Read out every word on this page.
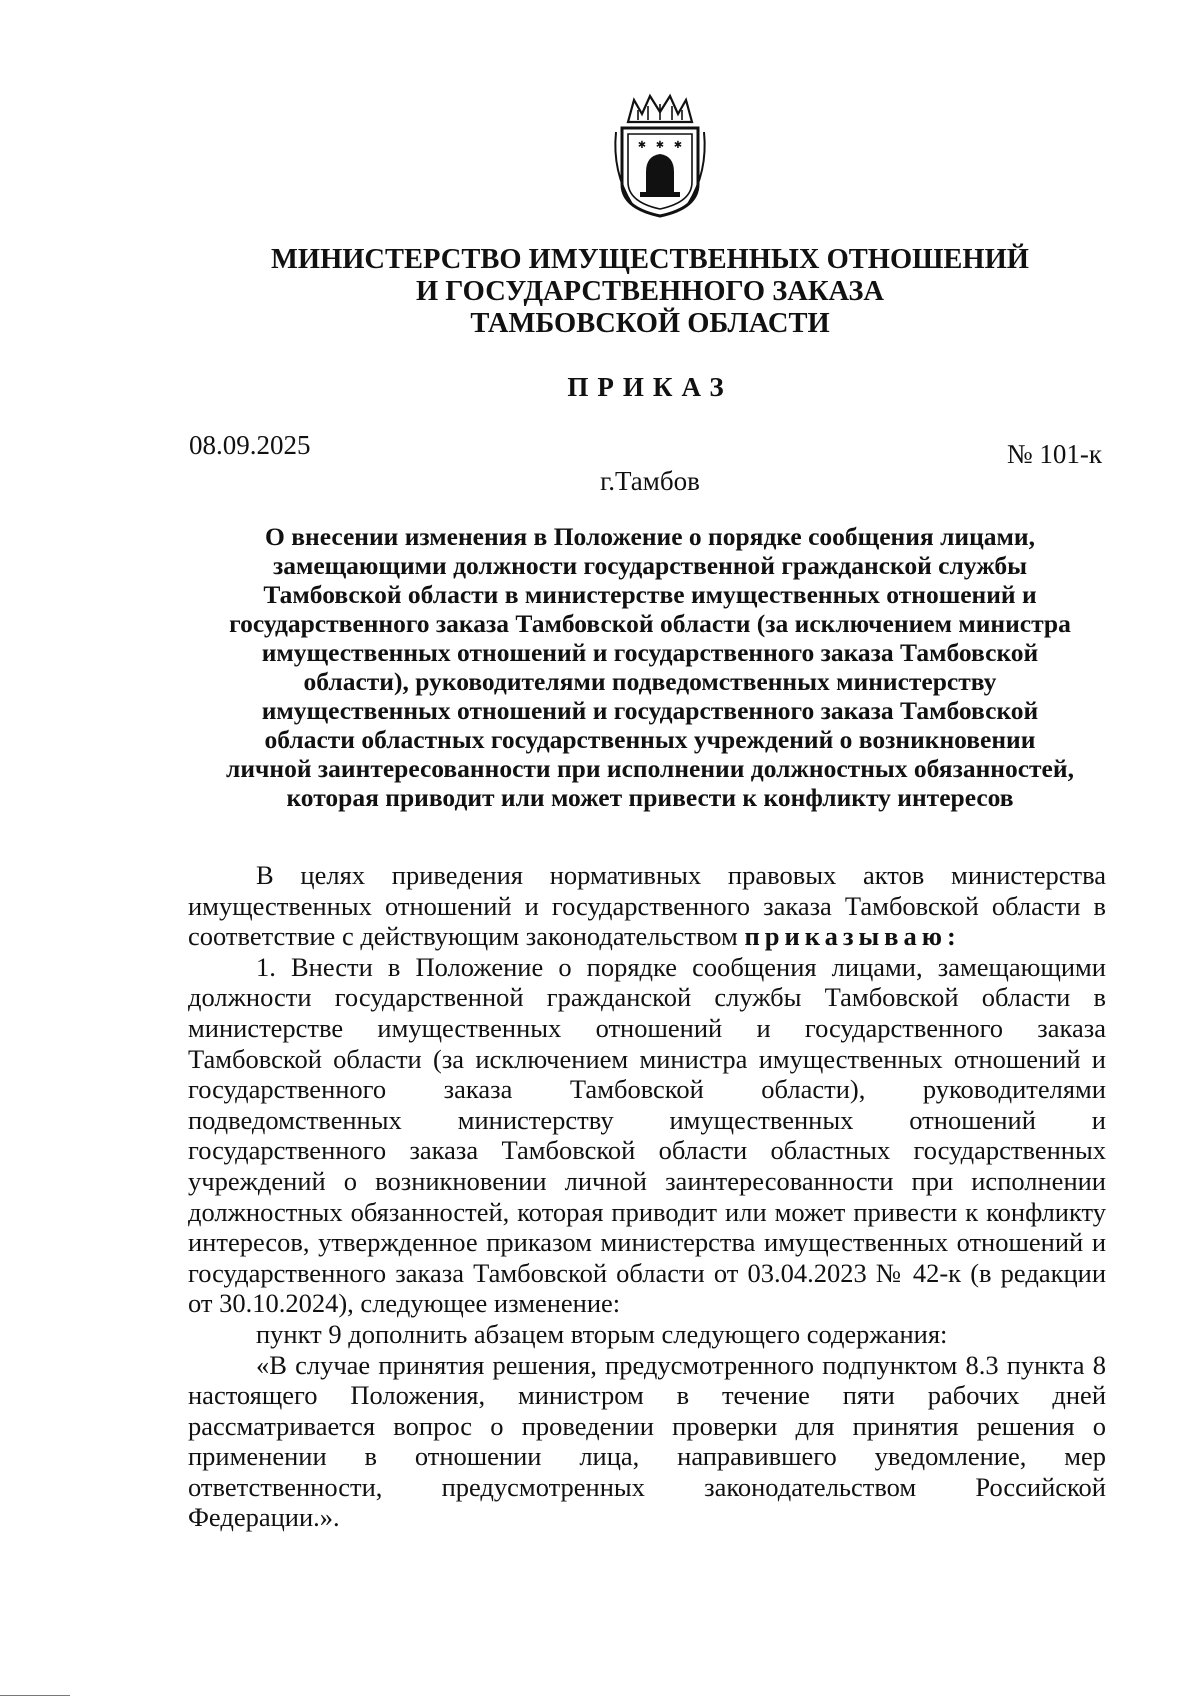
✱ ✱ ✱
МИНИСТЕРСТВО ИМУЩЕСТВЕННЫХ ОТНОШЕНИЙ
И ГОСУДАРСТВЕННОГО ЗАКАЗА
ТАМБОВСКОЙ ОБЛАСТИ
ПРИКАЗ
08.09.2025	№ 101-к
г.Тамбов
О внесении изменения в Положение о порядке сообщения лицами,
замещающими должности государственной гражданской службы
Тамбовской области в министерстве имущественных отношений и
государственного заказа Тамбовской области (за исключением министра
имущественных отношений и государственного заказа Тамбовской
области), руководителями подведомственных министерству
имущественных отношений и государственного заказа Тамбовской
области областных государственных учреждений о возникновении
личной заинтересованности при исполнении должностных обязанностей,
которая приводит или может привести к конфликту интересов

В целях приведения нормативных правовых актов министерства имущественных отношений и государственного заказа Тамбовской области в соответствие с действующим законодательством приказываю:

1. Внести в Положение о порядке сообщения лицами, замещающими должности государственной гражданской службы Тамбовской области в министерстве имущественных отношений и государственного заказа Тамбовской области (за исключением министра имущественных отношений и государственного заказа Тамбовской области), руководителями подведомственных министерству имущественных отношений и государственного заказа Тамбовской области областных государственных учреждений о возникновении личной заинтересованности при исполнении должностных обязанностей, которая приводит или может привести к конфликту интересов, утвержденное приказом министерства имущественных отношений и государственного заказа Тамбовской области от 03.04.2023 № 42-к (в редакции от 30.10.2024), следующее изменение:

пункт 9 дополнить абзацем вторым следующего содержания:

«В случае принятия решения, предусмотренного подпунктом 8.3 пункта 8 настоящего Положения, министром в течение пяти рабочих дней рассматривается вопрос о проведении проверки для принятия решения о применении в отношении лица, направившего уведомление, мер ответственности, предусмотренных законодательством Российской Федерации.».
